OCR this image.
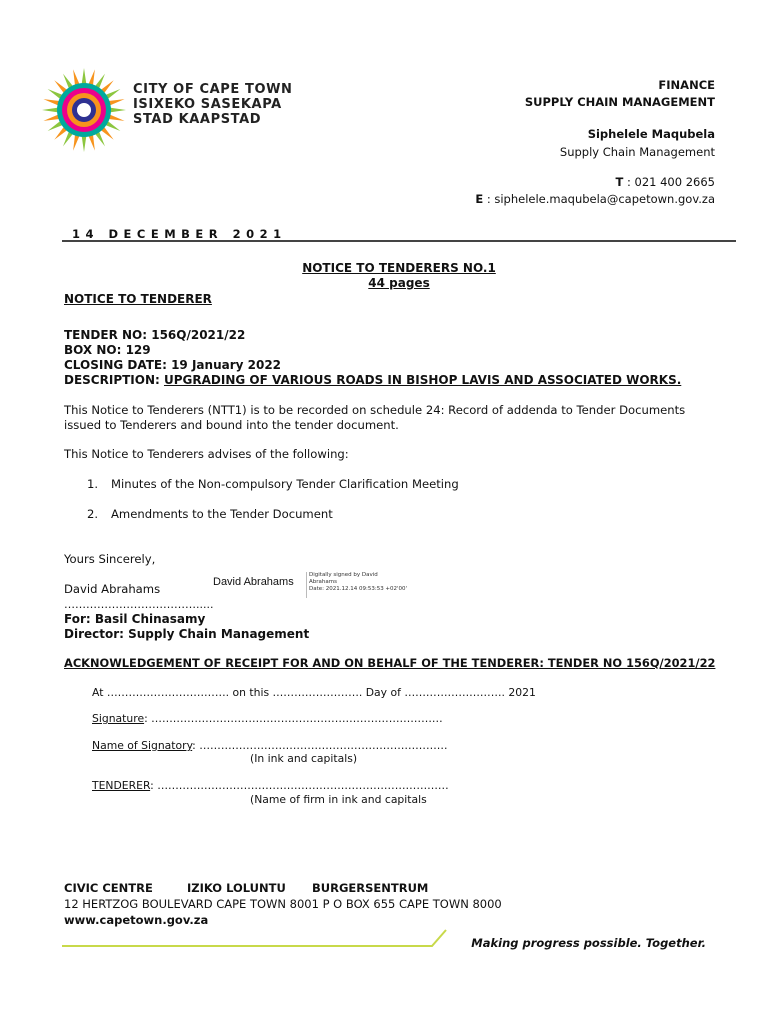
CITY OF CAPE TOWN
ISIXEKO SASEKAPA
STAD KAAPSTAD
FINANCE
SUPPLY CHAIN MANAGEMENT
Siphelele Maqubela
Supply Chain Management
T : 021 400 2665
E : siphelele.maqubela@capetown.gov.za
14 DECEMBER 2021
NOTICE TO TENDERERS NO.1
44 pages
NOTICE TO TENDERER
TENDER NO: 156Q/2021/22
BOX NO: 129
CLOSING DATE: 19 January 2022
DESCRIPTION: UPGRADING OF VARIOUS ROADS IN BISHOP LAVIS AND ASSOCIATED WORKS.
This Notice to Tenderers (NTT1) is to be recorded on schedule 24: Record of addenda to Tender Documents
issued to Tenderers and bound into the tender document.
This Notice to Tenderers advises of the following:
1. Minutes of the Non-compulsory Tender Clarification Meeting
2. Amendments to the Tender Document
Yours Sincerely,
David Abrahams	David Abrahams
Digitally signed by David
Abrahams
Date: 2021.12.14 09:53:53 +02'00'
……………………………….....
For: Basil Chinasamy
Director: Supply Chain Management
ACKNOWLEDGEMENT OF RECEIPT FOR AND ON BEHALF OF THE TENDERER: TENDER NO 156Q/2021/22
At ……………………………. on this ……………………. Day of ………………………. 2021
Signature: ………………………………………………………………………
Name of Signatory: ……………………………………………………………
(In ink and capitals)
TENDERER: ………………………………………………………………………
(Name of firm in ink and capitals
CIVIC CENTRE	IZIKO LOLUNTU BURGERSENTRUM
12 HERTZOG BOULEVARD CAPE TOWN 8001 P O BOX 655 CAPE TOWN 8000
www.capetown.gov.za
Making progress possible. Together.
